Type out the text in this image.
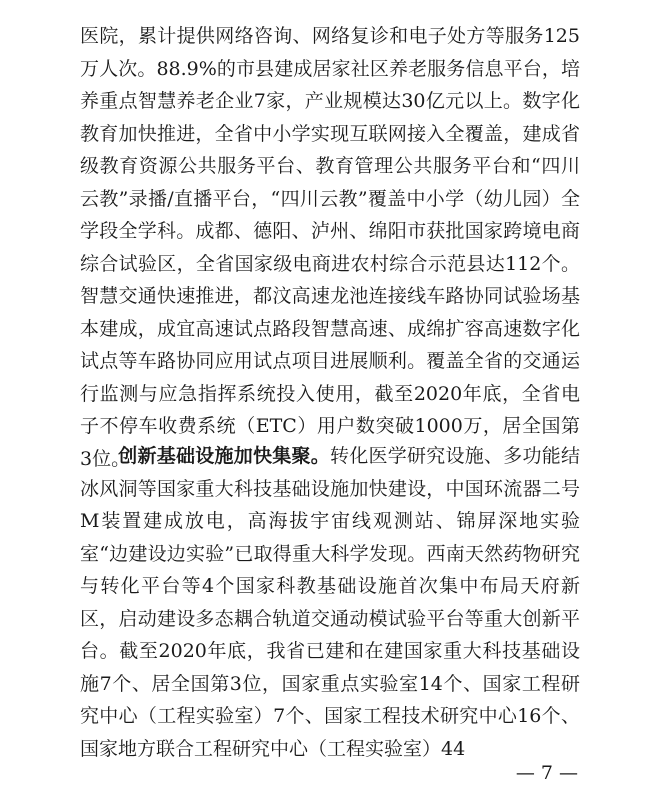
医院，累计提供网络咨询、网络复诊和电子处方等服务125万人次。88.9%的市县建成居家社区养老服务信息平台，培养重点智慧养老企业7家，产业规模达30亿元以上。数字化教育加快推进，全省中小学实现互联网接入全覆盖，建成省级教育资源公共服务平台、教育管理公共服务平台和“四川云教”录播/直播平台，“四川云教”覆盖中小学（幼儿园）全学段全学科。成都、德阳、泸州、绵阳市获批国家跨境电商综合试验区，全省国家级电商进农村综合示范县达112个。智慧交通快速推进，都汶高速龙池连接线车路协同试验场基本建成，成宜高速试点路段智慧高速、成绵扩容高速数字化试点等车路协同应用试点项目进展顺利。覆盖全省的交通运行监测与应急指挥系统投入使用，截至2020年底，全省电子不停车收费系统（ETC）用户数突破1000万，居全国第3位。

创新基础设施加快集聚。转化医学研究设施、多功能结冰风洞等国家重大科技基础设施加快建设，中国环流器二号M装置建成放电，高海拔宇宙线观测站、锦屏深地实验室“边建设边实验”已取得重大科学发现。西南天然药物研究与转化平台等4个国家科教基础设施首次集中布局天府新区，启动建设多态耦合轨道交通动模试验平台等重大创新平台。截至2020年底，我省已建和在建国家重大科技基础设施7个、居全国第3位，国家重点实验室14个、国家工程研究中心（工程实验室）7个、国家工程技术研究中心16个、国家地方联合工程研究中心（工程实验室）44

— 7 —
